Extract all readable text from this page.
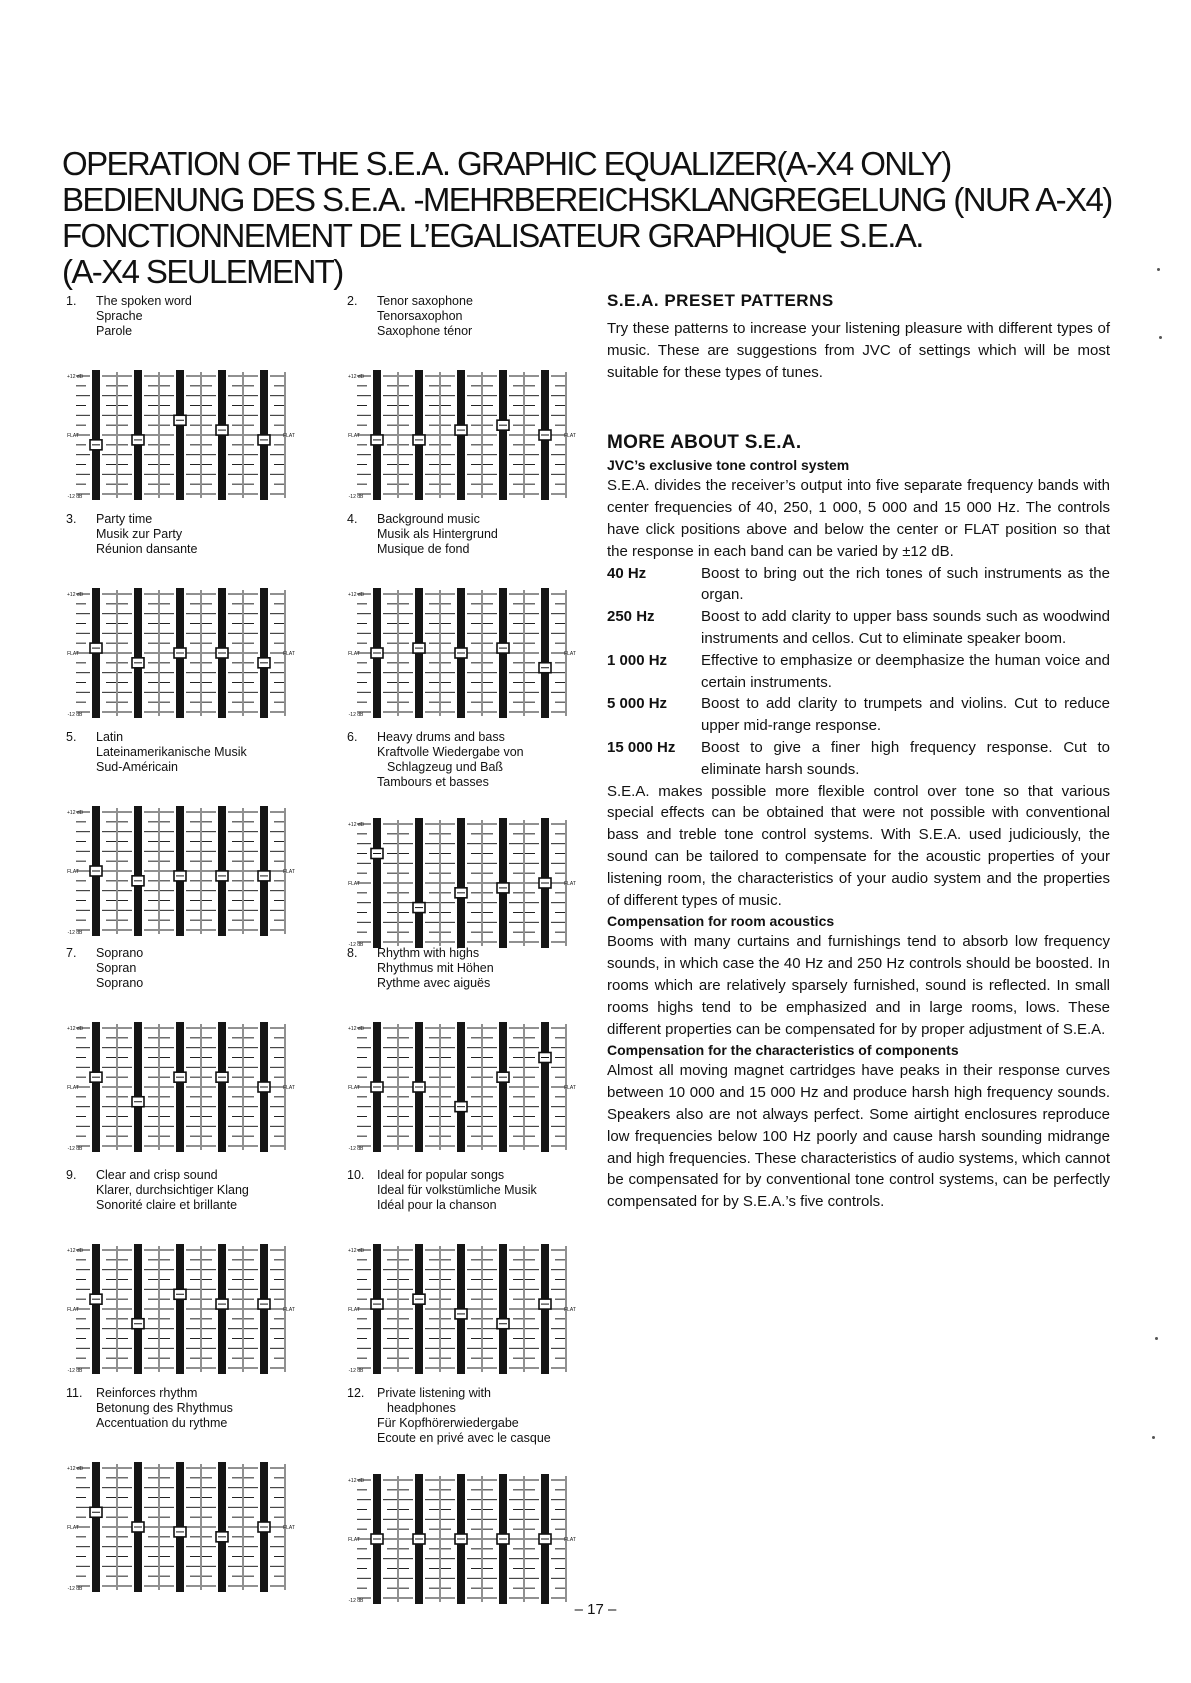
OPERATION OF THE S.E.A. GRAPHIC EQUALIZER(A-X4 ONLY)
BEDIENUNG DES S.E.A. -MEHRBEREICHSKLANGREGELUNG (NUR A-X4)
FONCTIONNEMENT DE L’EGALISATEUR GRAPHIQUE S.E.A.
(A-X4 SEULEMENT)
1.	The spoken word
Sprache
Parole
+12 dB
FLAT	FLAT
-12 dB
2.	Tenor saxophone
Tenorsaxophon
Saxophone ténor
+12 dB
FLAT	FLAT
-12 dB
3.	Party time
Musik zur Party
Réunion dansante
+12 dB
FLAT	FLAT
-12 dB
4.	Background music
Musik als Hintergrund
Musique de fond
+12 dB
FLAT	FLAT
-12 dB
5.	Latin
Lateinamerikanische Musik
Sud-Américain
+12 dB
FLAT	FLAT
-12 dB
6.	Heavy drums and bass
Kraftvolle Wiedergabe von
Schlagzeug und Baß
Tambours et basses
+12 dB
FLAT	FLAT
-12 dB
7.	Soprano
Sopran
Soprano
+12 dB
FLAT	FLAT
-12 dB
8.	Rhythm with highs
Rhythmus mit Höhen
Rythme avec aiguës
+12 dB
FLAT	FLAT
-12 dB
9.	Clear and crisp sound
Klarer, durchsichtiger Klang
Sonorité claire et brillante
+12 dB
FLAT	FLAT
-12 dB
10.	Ideal for popular songs
Ideal für volkstümliche Musik
Idéal pour la chanson
+12 dB
FLAT	FLAT
-12 dB
11.	Reinforces rhythm
Betonung des Rhythmus
Accentuation du rythme
+12 dB
FLAT	FLAT
-12 dB
12.	Private listening with
headphones
Für Kopfhörerwiedergabe
Ecoute en privé avec le casque
+12 dB
FLAT	FLAT
-12 dB
S.E.A. PRESET PATTERNS
Try these patterns to increase your listening pleasure with different types of music. These are suggestions from JVC of settings which will be most suitable for these types of tunes.
MORE ABOUT S.E.A.
JVC’s exclusive tone control system
S.E.A. divides the receiver’s output into five separate frequency bands with center frequencies of 40, 250, 1 000, 5 000 and 15 000 Hz. The controls have click positions above and below the center or FLAT position so that the response in each band can be varied by ±12 dB.
40 Hz	Boost to bring out the rich tones of such instruments as the organ.
250 Hz	Boost to add clarity to upper bass sounds such as woodwind instruments and cellos. Cut to eliminate speaker boom.
1 000 Hz	Effective to emphasize or deemphasize the human voice and certain instruments.
5 000 Hz	Boost to add clarity to trumpets and violins. Cut to reduce upper mid-range response.
15 000 Hz	Boost to give a finer high frequency response. Cut to eliminate harsh sounds.
S.E.A. makes possible more flexible control over tone so that various special effects can be obtained that were not possible with conventional bass and treble tone control systems. With S.E.A. used judiciously, the sound can be tailored to compensate for the acoustic properties of your listening room, the characteristics of your audio system and the properties of different types of music.
Compensation for room acoustics
Booms with many curtains and furnishings tend to absorb low frequency sounds, in which case the 40 Hz and 250 Hz controls should be boosted. In rooms which are relatively sparsely furnished, sound is reflected. In small rooms highs tend to be emphasized and in large rooms, lows. These different properties can be compensated for by proper adjustment of S.E.A.
Compensation for the characteristics of components
Almost all moving magnet cartridges have peaks in their response curves between 10 000 and 15 000 Hz and produce harsh high frequency sounds. Speakers also are not always perfect. Some airtight enclosures reproduce low frequencies below 100 Hz poorly and cause harsh sounding midrange and high frequencies. These characteristics of audio systems, which cannot be compensated for by conventional tone control systems, can be perfectly compensated for by S.E.A.’s five controls.
– 17 –
